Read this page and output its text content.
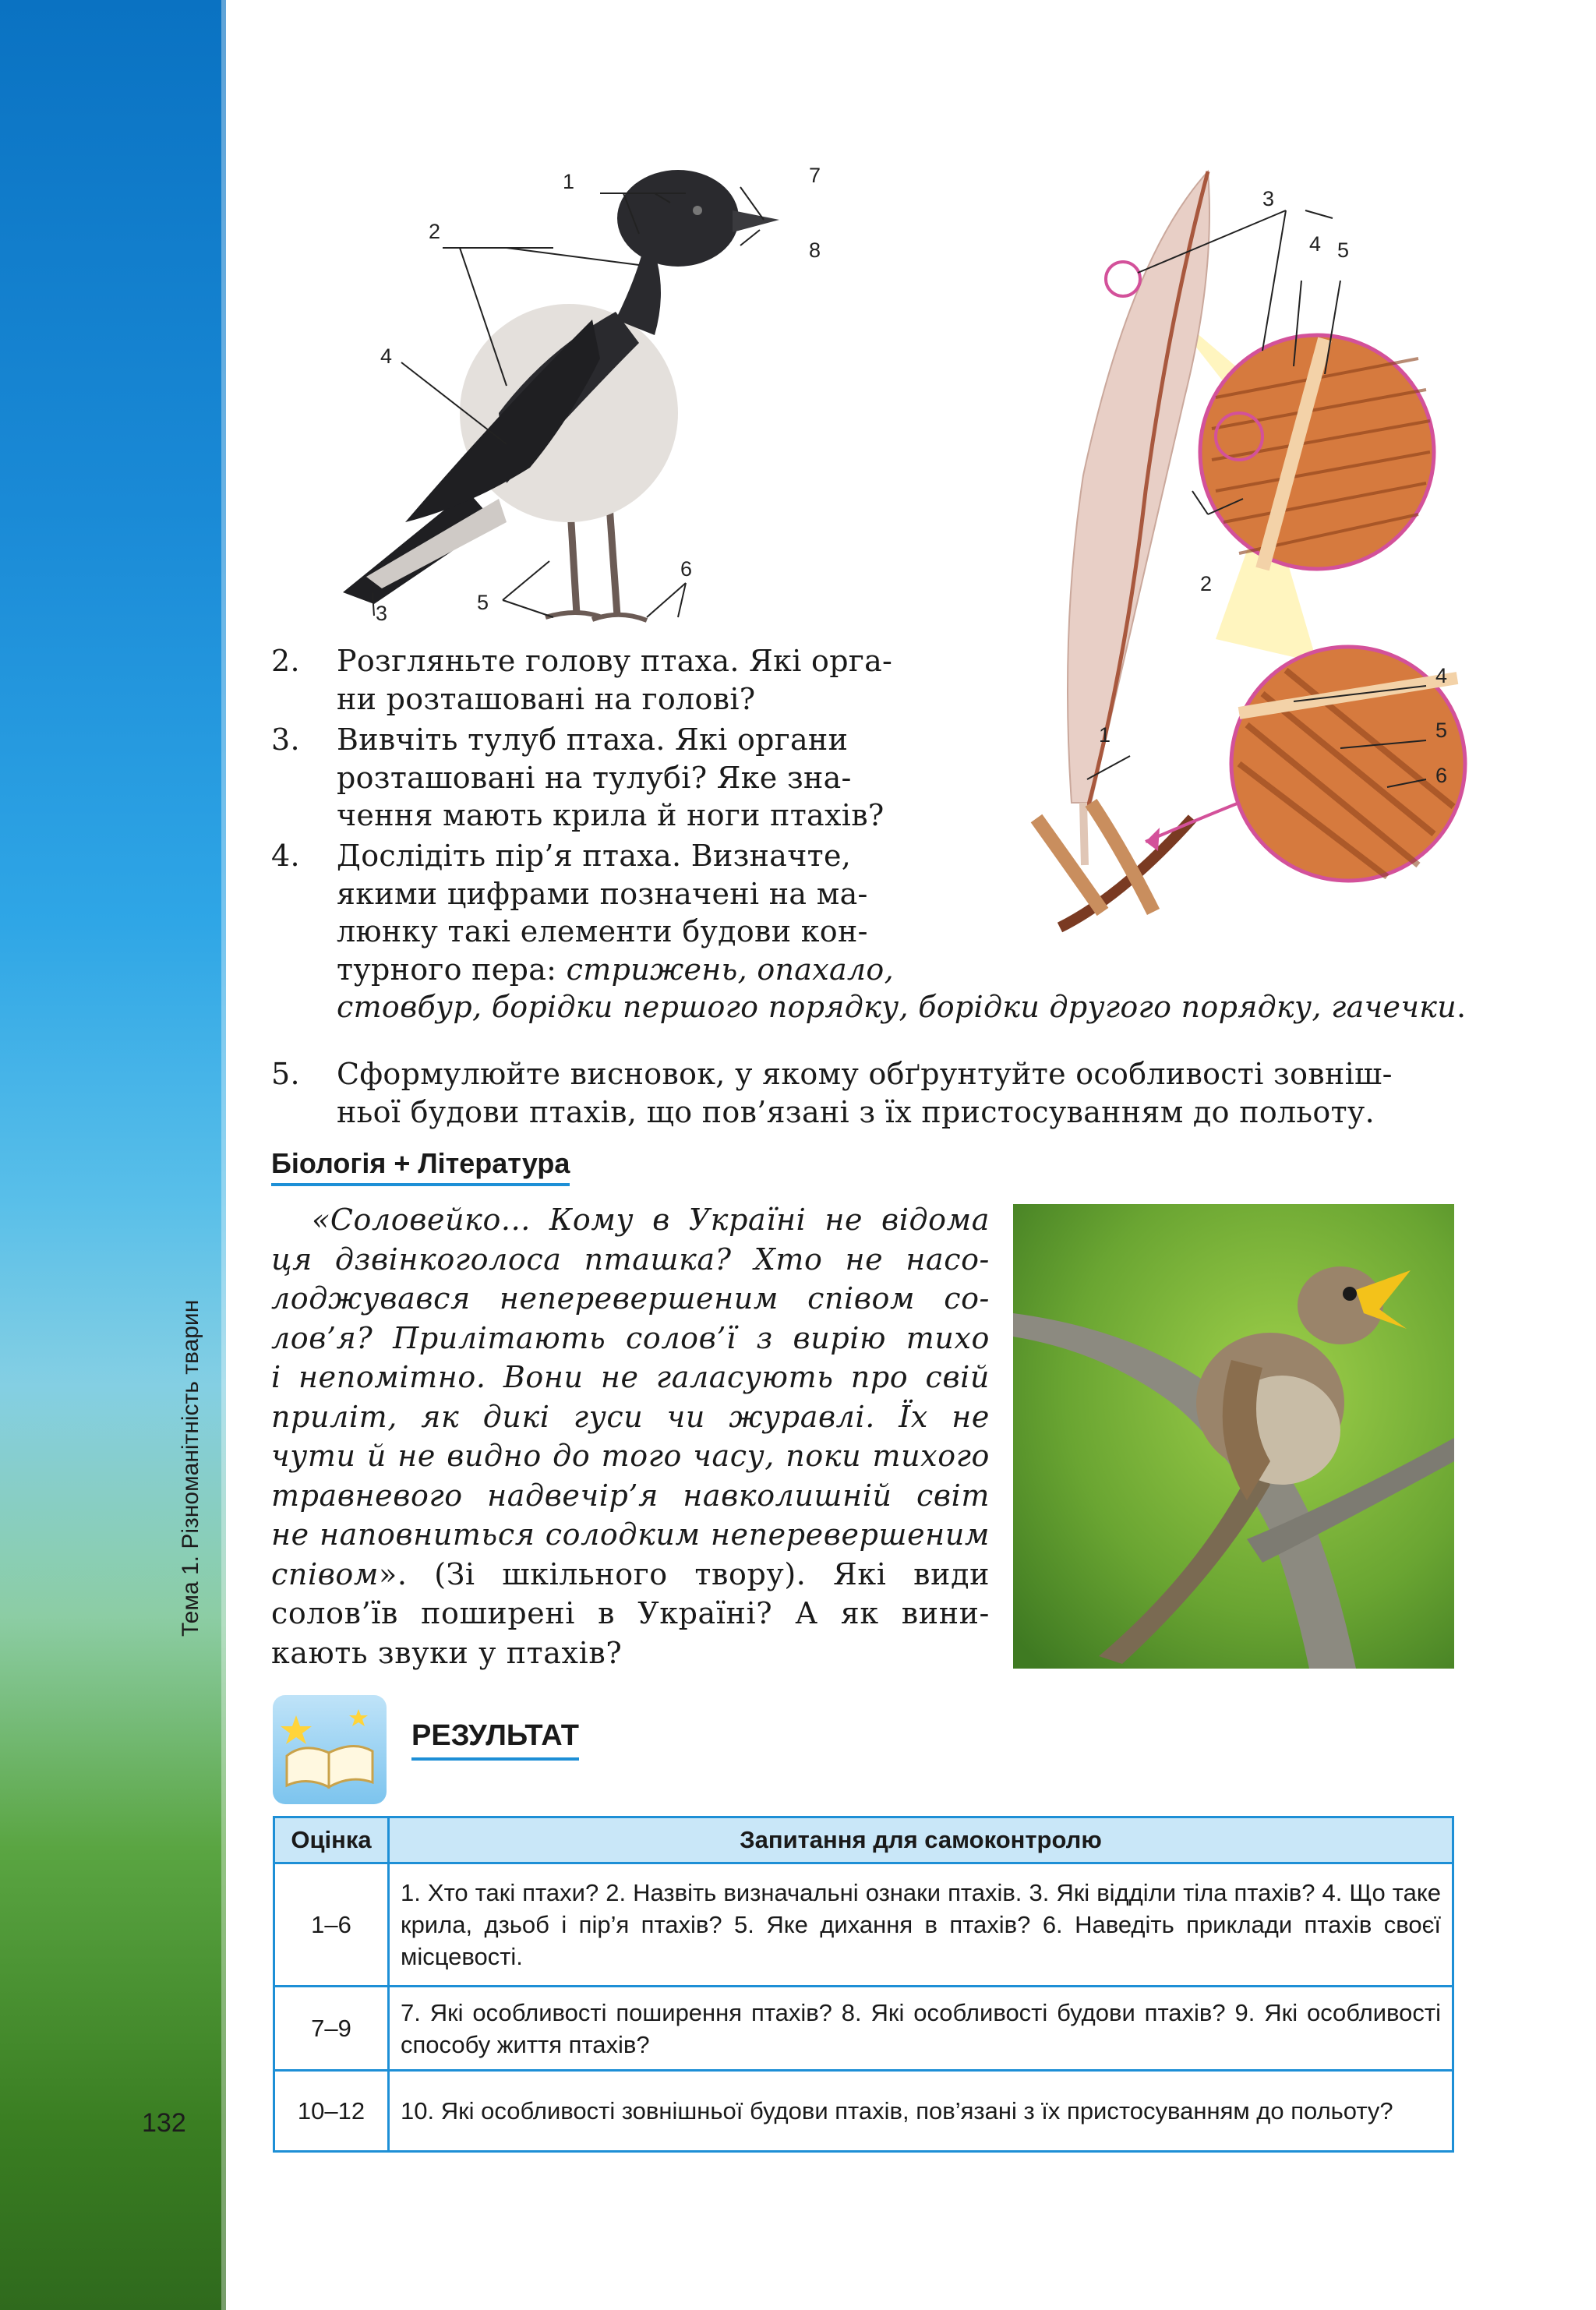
Тема 1. Різноманітність тварин
132
1
2
3
4
5
6
7
8
3
4 5
2
4
5
6
1
2. Розгляньте голову птаха. Які орга-
ни розташовані на голові?
3. Вивчіть тулуб птаха. Які органи
розташовані на тулубі? Яке зна-
чення мають крила й ноги птахів?
4. Дослідіть пір’я птаха. Визначте,
якими цифрами позначені на ма-
люнку такі елементи будови кон-
турного пера: стрижень, опахало,
стовбур, борідки першого порядку, борідки другого порядку, гачечки.
5. Сформулюйте висновок, у якому обґрунтуйте особливості зовніш-
ньої будови птахів, що пов’язані з їх пристосуванням до польоту.
Біологія + Література
«Соловейко... Кому в Україні не відома
ця дзвінкоголоса пташка? Хто не насо-
лоджувався неперевершеним співом со-
лов’я? Прилітають солов’ї з вирію тихо
і непомітно. Вони не галасують про свій
приліт, як дикі гуси чи журавлі. Їх не
чути й не видно до того часу, поки тихого
травневого надвечір’я навколишній світ
не наповниться солодким неперевершеним
співом». (Зі шкільного твору). Які види
солов’їв поширені в Україні? А як вини-
кають звуки у птахів?
РЕЗУЛЬТАТ
Оцінка	Запитання для самоконтролю
1–6	1. Хто такі птахи? 2. Назвіть визначальні ознаки птахів. 3. Які відділи тіла птахів? 4. Що таке крила, дзьоб і пір’я птахів? 5. Яке дихання в птахів? 6. Наведіть приклади птахів своєї місцевості.
7–9	7. Які особливості поширення птахів? 8. Які особливості будови птахів? 9. Які особливості способу життя птахів?
10–12	10. Які особливості зовнішньої будови птахів, пов’язані з їх пристосуванням до польоту?
